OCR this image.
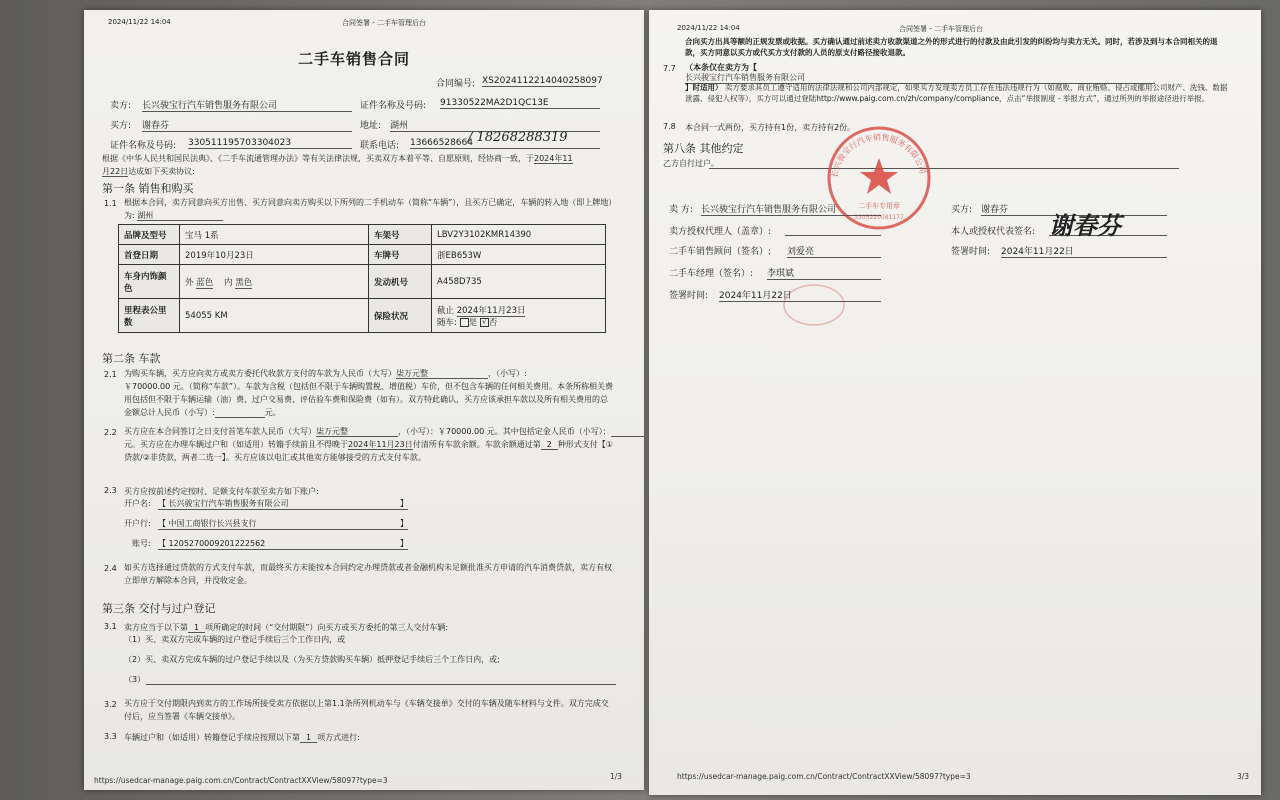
2024/11/22 14:04	合同签署 - 二手车管理后台
二手车销售合同
合同编号: XS20241122140402580​97
卖方: 长兴骏宝行汽车销售服务有限公司	证件名称及号码: 91330522MA2D1QC13E
买方: 谢春芬	地址: 湖州
证件名称及号码: 330511195703304023	联系电话: 13666528664
/ 18268288319
根据《中华人民共和国民法典》、《二手车流通管理办法》等有关法律法规，买卖双方本着平等、自愿原则，经协商一致，于2024年11
月22日达成如下买卖协议:
第一条 销售和购买
1.1 根据本合同，卖方同意向买方出售、买方同意向卖方购买以下所列的二手机动车（简称“车辆”），且买方已确定，车辆的转入地（即上牌地）为: 湖州
品牌及型号	宝马 1系	车架号	LBV2Y3102KMR14390
首登日期	2019年10月23日	车牌号	浙EB653W
车身内饰颜色	外 蓝色 内 黑色	发动机号	A458D735
里程表公里数	54055 KM	保险状况	截止 2024年11月23日
随车: 是 √ 否
第二条 车款
2.1 为购买车辆，买方应向卖方或卖方委托代收款方支付的车款为人民币（大写）柒万元整	，（小写）:
￥70000.00 元。（简称“车款”）。车款为含税（包括但不限于车辆购置税、增值税）车价，但不包含车辆的任何相关费用。本条所称相关费用包括但不限于车辆运输（油）费、过户交易费、评估验车费和保险费（如有）。双方特此确认，买方应该承担车款以及所有相关费用的总金额总计人民币（小写）:	元。
2.2 买方应在本合同签订之日支付首笔车款人民币（大写）柒万元整	，（小写）：￥70000.00 元。其中包括定金人民币（小写）：元。买方应在办理车辆过户和（如适用）转籍手续前且不得晚于2024年11月23日付清所有车款余额。车款余额通过第 2 种形式支付【①贷款/②非贷款，两者二选一】。买方应该以电汇或其他卖方能够接受的方式支付车款。
2.3 买方应按前述约定按时、足额支付车款至卖方如下账户:
开户名: 【 长兴骏宝行汽车销售服务有限公司	】
开户行: 【 中国工商银行长兴县支行	】
账号: 【 1205270009201222562	】
2.4 如买方选择通过贷款的方式支付车款，而最终买方未能按本合同约定办理贷款或者金融机构未足额批准买方申请的汽车消费贷款，卖方有权立即单方解除本合同，并没收定金。
第三条 交付与过户登记
3.1 卖方应当于以下第 1 项所确定的时间（“交付期限”）向买方或买方委托的第三人交付车辆:
（1）买、卖双方完成车辆的过户登记手续后三个工作日内，或
（2）买、卖双方完成车辆的过户登记手续以及（为买方贷款购买车辆）抵押登记手续后三个工作日内，或;
（3）
3.2 买方应于交付期限内到卖方的工作场所接受卖方依据以上第1.1条所列机动车与《车辆交接单》交付的车辆及随车材料与文件。双方完成交付后，应当签署《车辆交接单》。
3.3 车辆过户和（如适用）转籍登记手续应按照以下第 1 项方式进行:
https://usedcar-manage.paig.com.cn/Contract/ContractXXView/58097?type=3	1/3
2024/11/22 14:04	合同签署 - 二手车管理后台
合向买方出具等额的正规发票或收据。买方确认通过前述卖方收款渠道之外的形式进行的付款及由此引发的纠纷均与卖方无关。同时，若涉及到与本合同相关的退款，买方同意以买方或代买方支付款的人员的原支付路径接收退款。
7.7 （本条仅在卖方为【
长兴骏宝行汽车销售服务有限公司
】时适用） 卖方要求其员工遵守适用的法律法规和公司内部规定，如果买方发现卖方员工存在违法违规行为（如腐败、商业贿赂、侵占或挪用公司财产、洗钱、数据泄露、侵犯人权等），买方可以通过登陆http://www.paig.com.cn/zh/company/compliance，点击“举报制度 - 举报方式”，通过所列的举报途径进行举报。
7.8 本合同一式两份，买方持有1份，卖方持有2份。
第八条 其他约定
乙方自行过户。
长兴骏宝行汽车销售服务有限公司
二手车专用章
3305220081177
卖 方: 长兴骏宝行汽车销售服务有限公司	买方: 谢春芬
卖方授权代理人（盖章）:	本人或授权代表签名: 谢春芬
二手车销售顾问（签名）: 刘爱亮	签署时间: 2024年11月22日
二手车经理（签名）: 李琪斌
签署时间: 2024年11月22日
https://usedcar-manage.paig.com.cn/Contract/ContractXXView/58097?type=3	3/3
